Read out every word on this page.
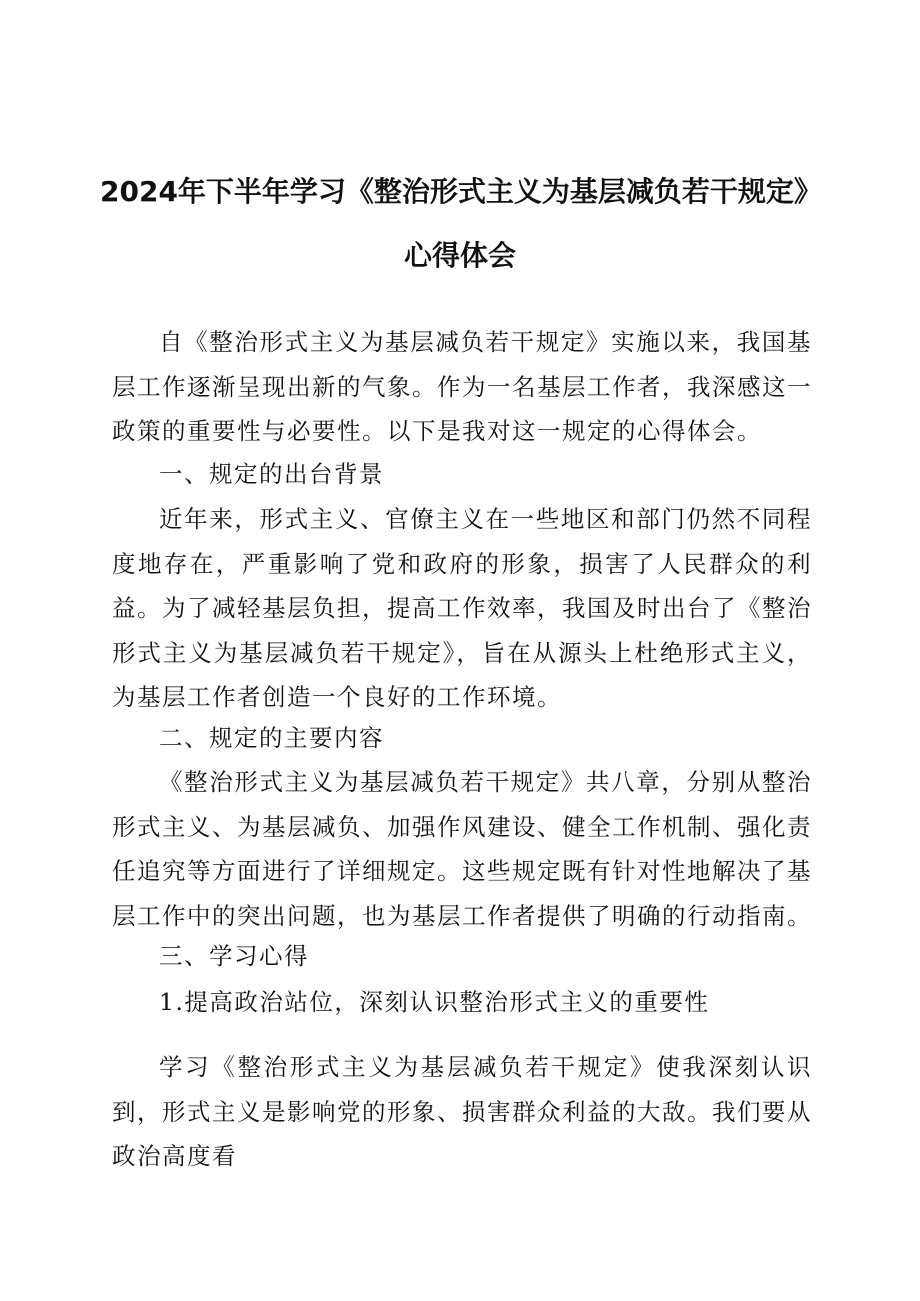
2024年下半年学习《整治形式主义为基层减负若干规定》
心得体会

自《整治形式主义为基层减负若干规定》实施以来，我国基层工作逐渐呈现出新的气象。作为一名基层工作者，我深感这一政策的重要性与必要性。以下是我对这一规定的心得体会。

一、规定的出台背景

近年来，形式主义、官僚主义在一些地区和部门仍然不同程度地存在，严重影响了党和政府的形象，损害了人民群众的利益。为了减轻基层负担，提高工作效率，我国及时出台了《整治形式主义为基层减负若干规定》，旨在从源头上杜绝形式主义，为基层工作者创造一个良好的工作环境。

二、规定的主要内容

《整治形式主义为基层减负若干规定》共八章，分别从整治形式主义、为基层减负、加强作风建设、健全工作机制、强化责任追究等方面进行了详细规定。这些规定既有针对性地解决了基层工作中的突出问题，也为基层工作者提供了明确的行动指南。

三、学习心得

1.提高政治站位，深刻认识整治形式主义的重要性

学习《整治形式主义为基层减负若干规定》使我深刻认识到，形式主义是影响党的形象、损害群众利益的大敌。我们要从政治高度看
